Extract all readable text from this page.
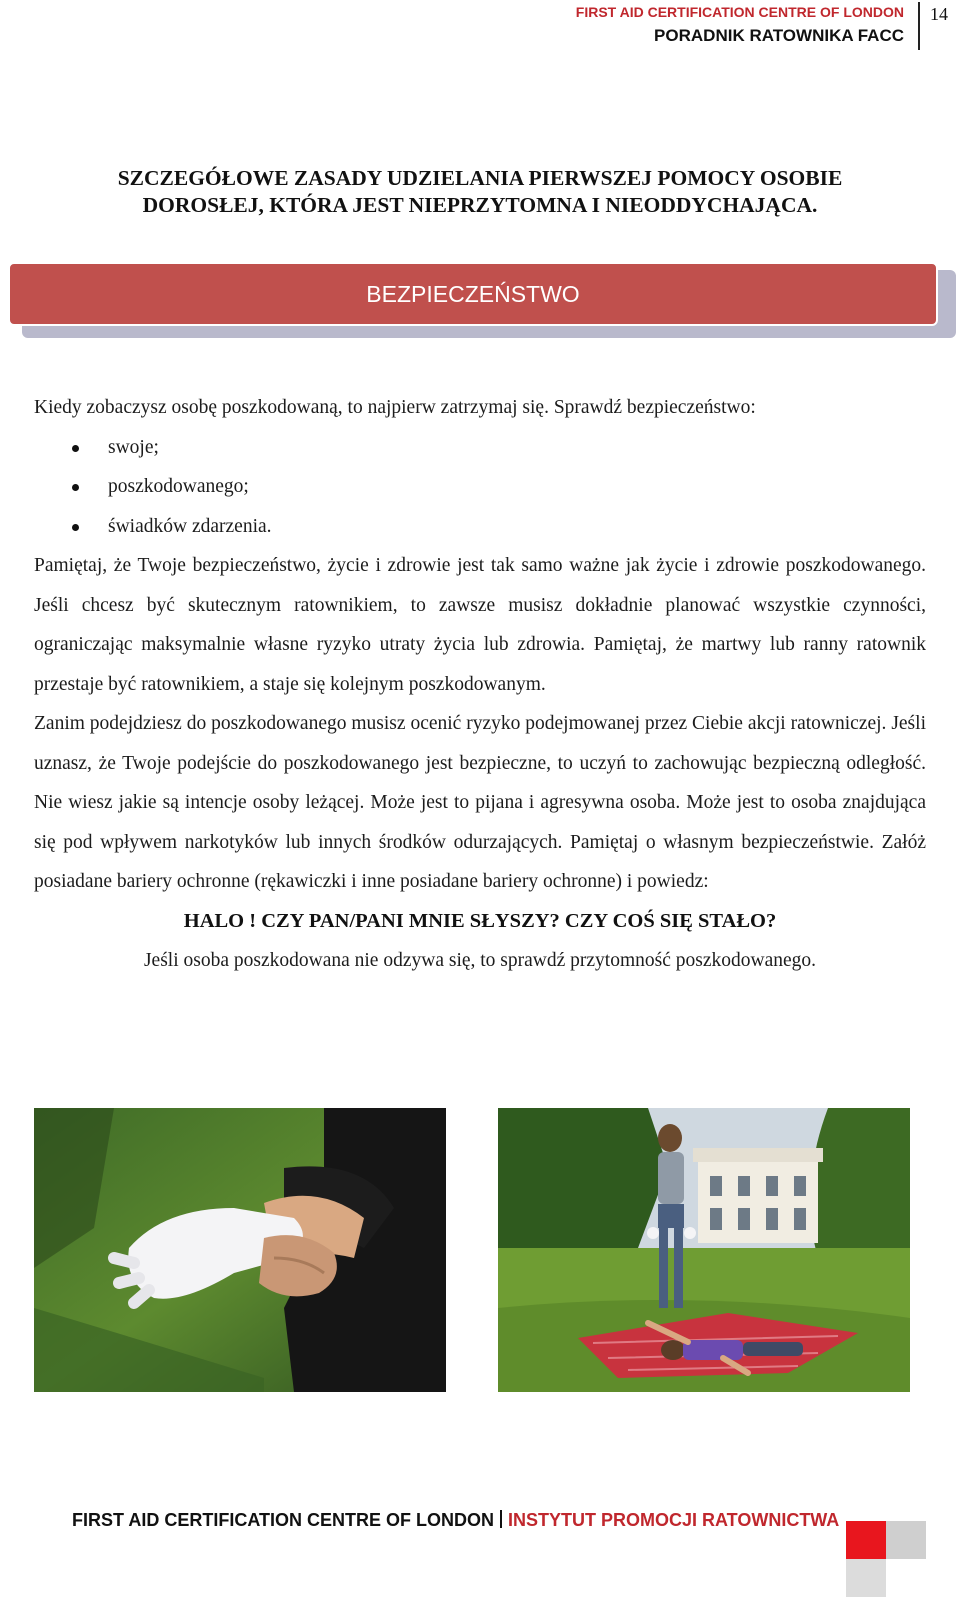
FIRST AID CERTIFICATION CENTRE OF LONDON
PORADNIK RATOWNIKA FACC
14
SZCZEGÓŁOWE ZASADY UDZIELANIA PIERWSZEJ POMOCY OSOBIE
DOROSŁEJ, KTÓRA JEST NIEPRZYTOMNA I NIEODDYCHAJĄCA.
BEZPIECZEŃSTWO

Kiedy zobaczysz osobę poszkodowaną, to najpierw zatrzymaj się. Sprawdź bezpieczeństwo:

swoje;
poszkodowanego;
świadków zdarzenia.

Pamiętaj, że Twoje bezpieczeństwo, życie i zdrowie jest tak samo ważne jak życie i zdrowie poszkodowanego. Jeśli chcesz być skutecznym ratownikiem, to zawsze musisz dokładnie planować wszystkie czynności, ograniczając maksymalnie własne ryzyko utraty życia lub zdrowia. Pamiętaj, że martwy lub ranny ratownik przestaje być ratownikiem, a staje się kolejnym poszkodowanym.

Zanim podejdziesz do poszkodowanego musisz ocenić ryzyko podejmowanej przez Ciebie akcji ratowniczej. Jeśli uznasz, że Twoje podejście do poszkodowanego jest bezpieczne, to uczyń to zachowując bezpieczną odległość. Nie wiesz jakie są intencje osoby leżącej. Może jest to pijana i agresywna osoba. Może jest to osoba znajdująca się pod wpływem narkotyków lub innych środków odurzających. Pamiętaj o własnym bezpieczeństwie. Załóż posiadane bariery ochronne (rękawiczki i inne posiadane bariery ochronne) i powiedz:

HALO ! CZY PAN/PANI MNIE SŁYSZY? CZY COŚ SIĘ STAŁO?

Jeśli osoba poszkodowana nie odzywa się, to sprawdź przytomność poszkodowanego.

FIRST AID CERTIFICATION CENTRE OF LONDON INSTYTUT PROMOCJI RATOWNICTWA
